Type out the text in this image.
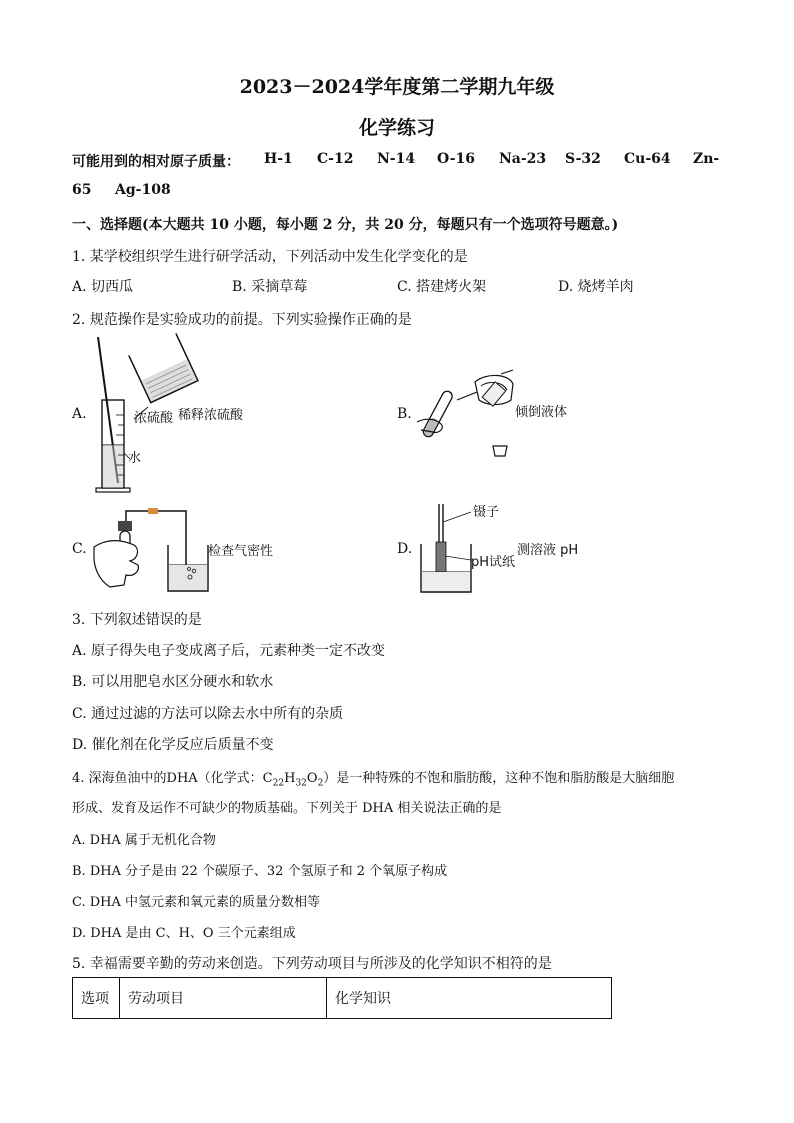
2023－2024学年度第二学期九年级
化学练习
可能用到的相对原子质量： H-1 C-12 N-14 O-16 Na-23 S-32 Cu-64 Zn-
65 Ag-108
一、选择题(本大题共 10 小题，每小题 2 分，共 20 分，每题只有一个选项符号题意。)
1. 某学校组织学生进行研学活动，下列活动中发生化学变化的是
A. 切西瓜	B. 采摘草莓	C. 搭建烤火架	D. 烧烤羊肉
2. 规范操作是实验成功的前提。下列实验操作正确的是
A.	浓硫酸 稀释浓硫酸
水
B.	倾倒液体
C.	检查气密性	D.
镊子
pH试纸
测溶液 pH
3. 下列叙述错误的是
A. 原子得失电子变成离子后，元素种类一定不改变
B. 可以用肥皂水区分硬水和软水
C. 通过过滤的方法可以除去水中所有的杂质
D. 催化剂在化学反应后质量不变
4. 深海鱼油中的DHA（化学式：$C_{22}H_{32}O_2$）是一种特殊的不饱和脂肪酸，这种不饱和脂肪酸是大脑细胞
形成、发育及运作不可缺少的物质基础。下列关于 DHA 相关说法正确的是
A. DHA 属于无机化合物
B. DHA 分子是由 22 个碳原子、32 个氢原子和 2 个氧原子构成
C. DHA 中氢元素和氧元素的质量分数相等
D. DHA 是由 C、H、O 三个元素组成
5. 幸福需要辛勤的劳动来创造。下列劳动项目与所涉及的化学知识不相符的是
选项	劳动项目	化学知识
